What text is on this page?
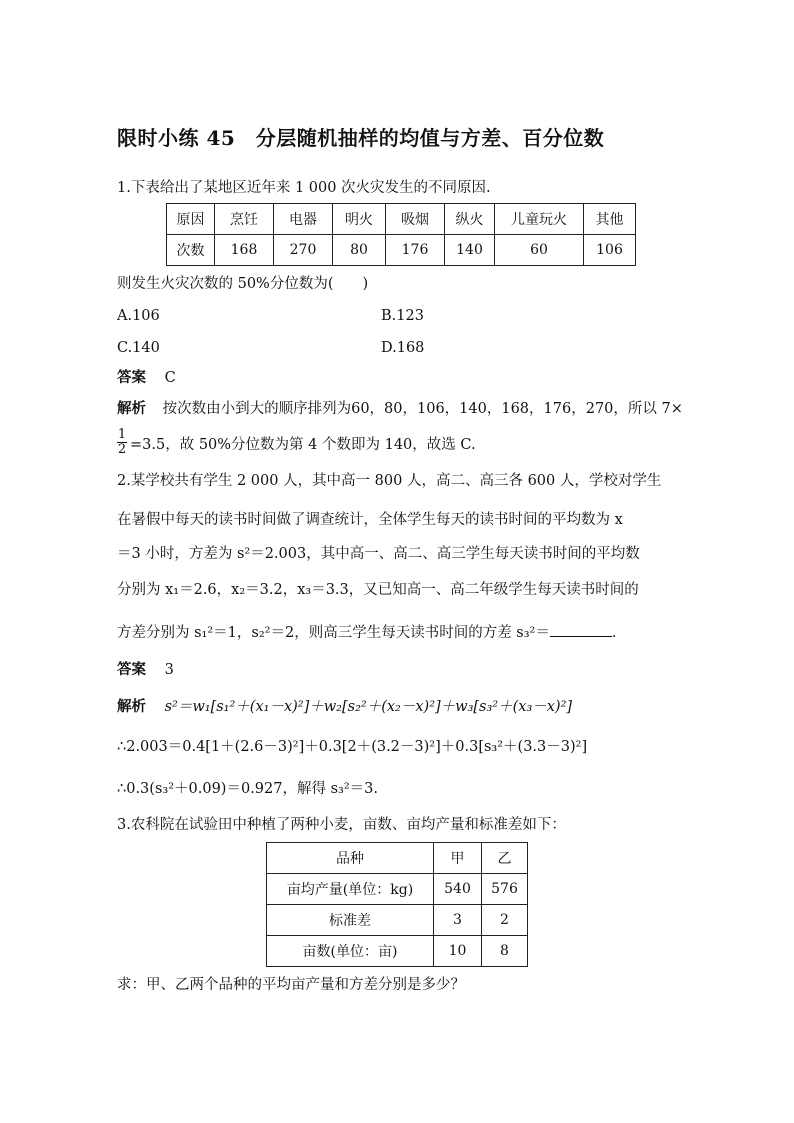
限时小练 45　分层随机抽样的均值与方差、百分位数
1.下表给出了某地区近年来 1 000 次火灾发生的不同原因.
原因	烹饪	电器	明火	吸烟	纵火	儿童玩火	其他
次数	168	270	80	176	140	60	106
则发生火灾次数的 50%分位数为(　　)
A.106	B.123
C.140	D.168
答案 C
解析 按次数由小到大的顺序排列为60，80，106，140，168，176，270，所以 7×
$\frac{1}{2} =3.5$，故 50%分位数为第 4 个数即为 140，故选 C.
2.某学校共有学生 2 000 人，其中高一 800 人，高二、高三各 600 人，学校对学生
在暑假中每天的读书时间做了调查统计，全体学生每天的读书时间的平均数为 x
＝3 小时，方差为 s²＝2.003，其中高一、高二、高三学生每天读书时间的平均数
分别为 x₁＝2.6，x₂＝3.2，x₃＝3.3，又已知高一、高二年级学生每天读书时间的
方差分别为 s₁²＝1，s₂²＝2，则高三学生每天读书时间的方差 s₃²＝	.
答案 3
解析 s²＝w₁[s₁²＋(x₁－x)²]＋w₂[s₂²＋(x₂－x)²]＋w₃[s₃²＋(x₃－x)²]
∴2.003＝0.4[1＋(2.6－3)²]＋0.3[2＋(3.2－3)²]＋0.3[s₃²＋(3.3－3)²]
∴0.3(s₃²＋0.09)＝0.927，解得 s₃²＝3.
3.农科院在试验田中种植了两种小麦，亩数、亩均产量和标准差如下：
品种	甲	乙
亩均产量(单位：kg)	540	576
标准差	3	2
亩数(单位：亩)	10	8
求：甲、乙两个品种的平均亩产量和方差分别是多少？
